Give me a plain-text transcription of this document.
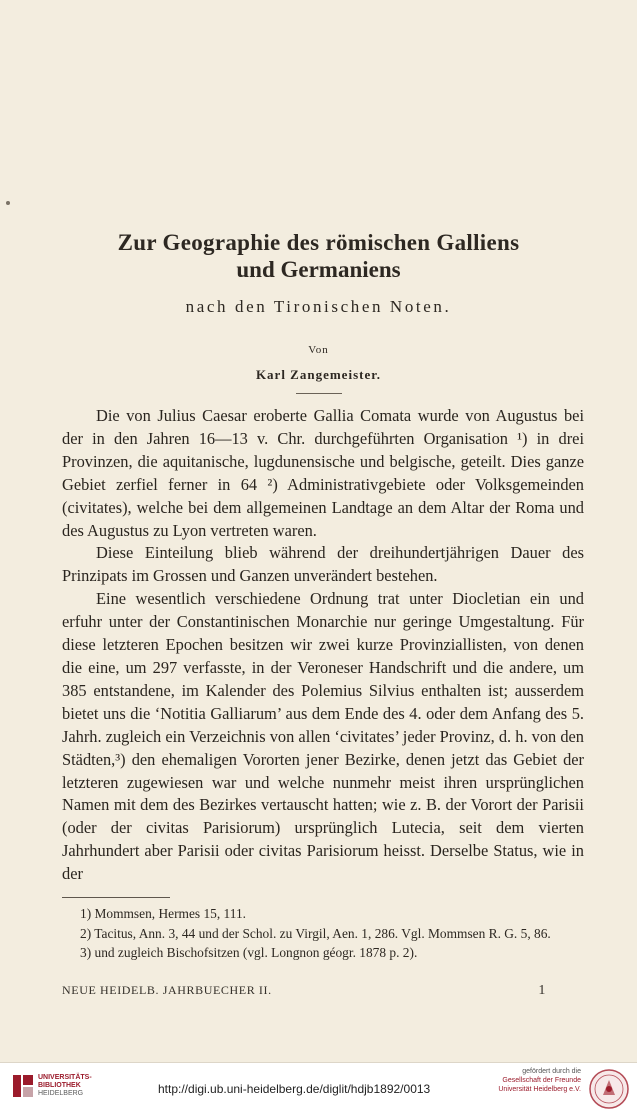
Zur Geographie des römischen Galliens
und Germaniens
nach den Tironischen Noten.
Von
Karl Zangemeister.

Die von Julius Caesar eroberte Gallia Comata wurde von Augustus bei der in den Jahren 16—13 v. Chr. durchgeführten Organisation ¹) in drei Provinzen, die aquitanische, lugdunensische und belgische, geteilt. Dies ganze Gebiet zerfiel ferner in 64 ²) Administrativgebiete oder Volksgemeinden (civitates), welche bei dem allgemeinen Landtage an dem Altar der Roma und des Augustus zu Lyon vertreten waren.

Diese Einteilung blieb während der dreihundertjährigen Dauer des Prinzipats im Grossen und Ganzen unverändert bestehen.

Eine wesentlich verschiedene Ordnung trat unter Diocletian ein und erfuhr unter der Constantinischen Monarchie nur geringe Umgestaltung. Für diese letzteren Epochen besitzen wir zwei kurze Provinziallisten, von denen die eine, um 297 verfasste, in der Veroneser Handschrift und die andere, um 385 entstandene, im Kalender des Polemius Silvius enthalten ist; ausserdem bietet uns die ‘Notitia Galliarum’ aus dem Ende des 4. oder dem Anfang des 5. Jahrh. zugleich ein Verzeichnis von allen ‘civitates’ jeder Provinz, d. h. von den Städten,³) den ehemaligen Vororten jener Bezirke, denen jetzt das Gebiet der letzteren zugewiesen war und welche nunmehr meist ihren ursprünglichen Namen mit dem des Bezirkes vertauscht hatten; wie z. B. der Vorort der Parisii (oder der civitas Parisiorum) ursprünglich Lutecia, seit dem vierten Jahrhundert aber Parisii oder civitas Parisiorum heisst. Derselbe Status, wie in der

1) Mommsen, Hermes 15, 111.
2) Tacitus, Ann. 3, 44 und der Schol. zu Virgil, Aen. 1, 286. Vgl. Mommsen R. G. 5, 86.
3) und zugleich Bischofsitzen (vgl. Longnon géogr. 1878 p. 2).
NEUE HEIDELB. JAHRBUECHER II.	1
UNIVERSITÄTS-
BIBLIOTHEK
HEIDELBERG	http://digi.ub.uni-heidelberg.de/diglit/hdjb1892/0013
gefördert durch die
Gesellschaft der Freunde
Universität Heidelberg e.V.
